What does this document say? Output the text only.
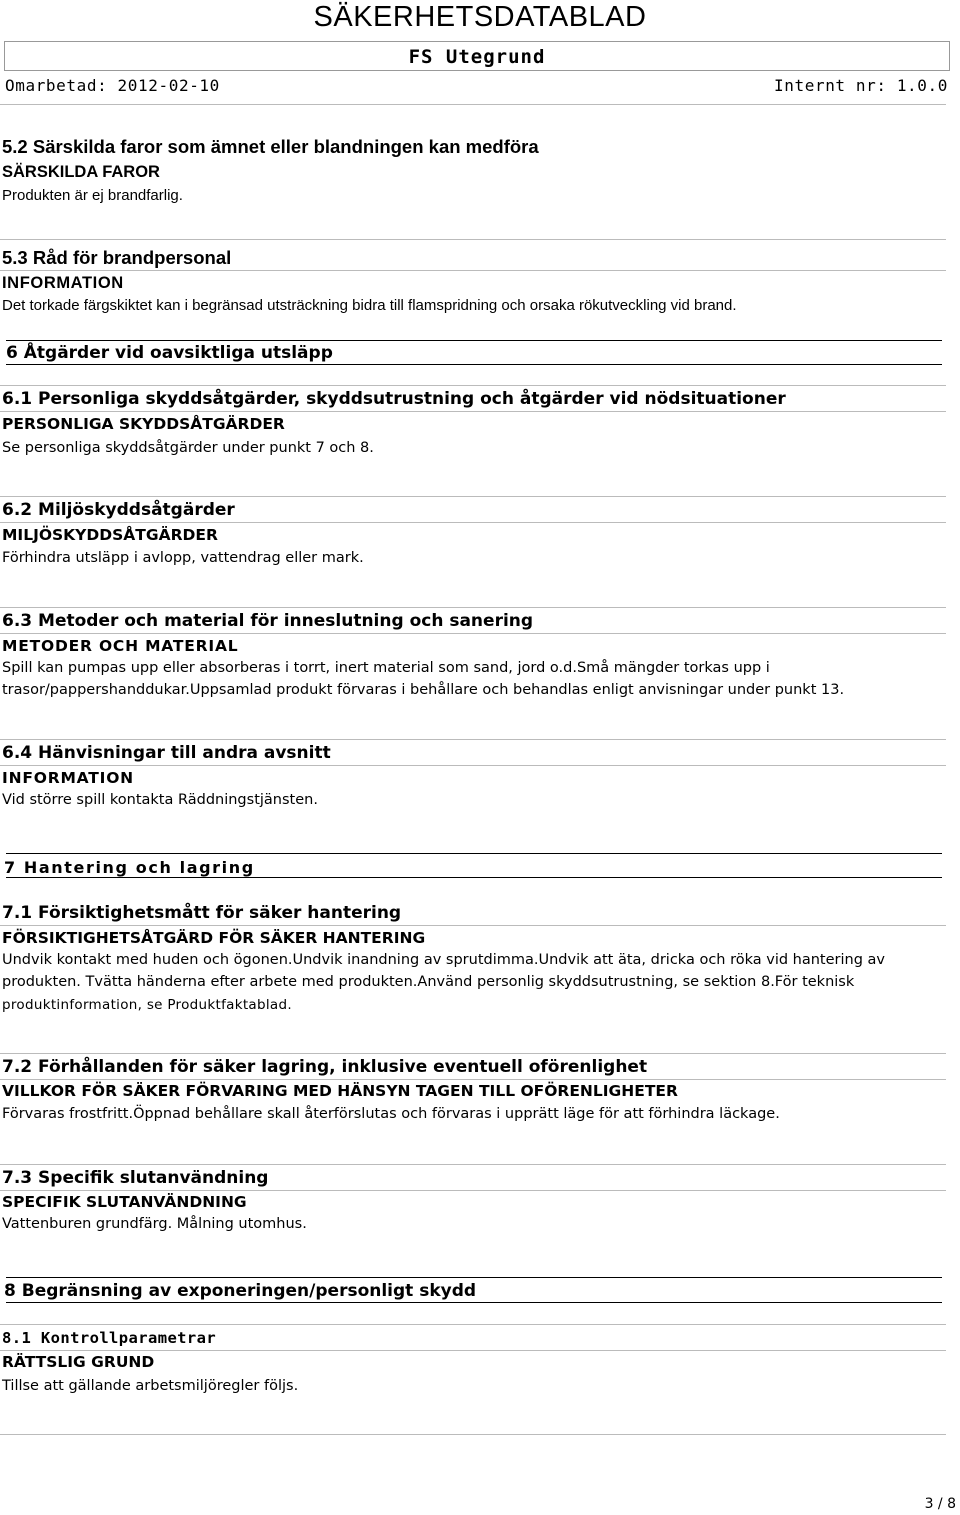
SÄKERHETSDATABLAD
FS Utegrund
Omarbetad: 2012-02-10	Internt nr: 1.0.0
5.2 Särskilda faror som ämnet eller blandningen kan medföra
SÄRSKILDA FAROR
Produkten är ej brandfarlig.
5.3 Råd för brandpersonal
INFORMATION
Det torkade färgskiktet kan i begränsad utsträckning bidra till flamspridning och orsaka rökutveckling vid brand.
6 Åtgärder vid oavsiktliga utsläpp
6.1 Personliga skyddsåtgärder, skyddsutrustning och åtgärder vid nödsituationer
PERSONLIGA SKYDDSÅTGÄRDER
Se personliga skyddsåtgärder under punkt 7 och 8.
6.2 Miljöskyddsåtgärder
MILJÖSKYDDSÅTGÄRDER
Förhindra utsläpp i avlopp, vattendrag eller mark.
6.3 Metoder och material för inneslutning och sanering
METODER OCH MATERIAL
Spill kan pumpas upp eller absorberas i torrt, inert material som sand, jord o.d.Små mängder torkas upp i
trasor/pappershanddukar.Uppsamlad produkt förvaras i behållare och behandlas enligt anvisningar under punkt 13.
6.4 Hänvisningar till andra avsnitt
INFORMATION
Vid större spill kontakta Räddningstjänsten.
7 Hantering och lagring
7.1 Försiktighetsmått för säker hantering
FÖRSIKTIGHETSÅTGÄRD FÖR SÄKER HANTERING
Undvik kontakt med huden och ögonen.Undvik inandning av sprutdimma.Undvik att äta, dricka och röka vid hantering av
produkten. Tvätta händerna efter arbete med produkten.Använd personlig skyddsutrustning, se sektion 8.För teknisk
produktinformation, se Produktfaktablad.
7.2 Förhållanden för säker lagring, inklusive eventuell oförenlighet
VILLKOR FÖR SÄKER FÖRVARING MED HÄNSYN TAGEN TILL OFÖRENLIGHETER
Förvaras frostfritt.Öppnad behållare skall återförslutas och förvaras i upprätt läge för att förhindra läckage.
7.3 Specifik slutanvändning
SPECIFIK SLUTANVÄNDNING
Vattenburen grundfärg. Målning utomhus.
8 Begränsning av exponeringen/personligt skydd
8.1 Kontrollparametrar
RÄTTSLIG GRUND
Tillse att gällande arbetsmiljöregler följs.
3 / 8
